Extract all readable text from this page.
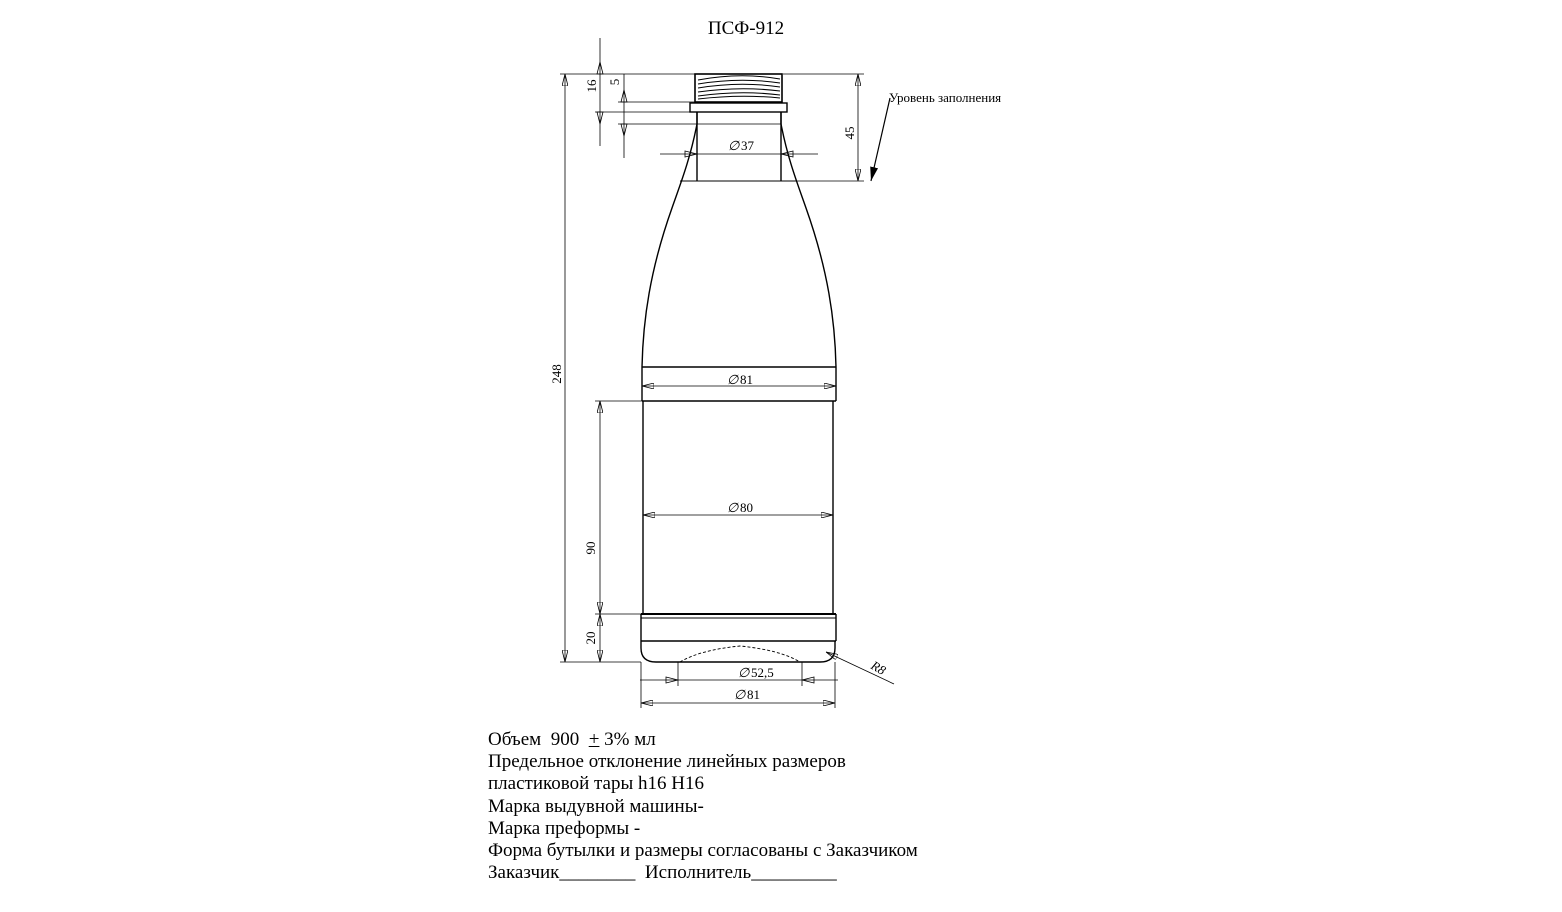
ПСФ-912
248
16 5
45
90
20
∅ 37
∅ 81
∅ 80
∅ 52,5
∅ 81
R8
Уровень заполнения
Объем  900  + 3% мл
Предельное отклонение линейных размеров
пластиковой тары h16 H16
Марка выдувной машины-
Марка преформы -
Форма бутылки и размеры согласованы с Заказчиком
Заказчик________  Исполнитель_________
